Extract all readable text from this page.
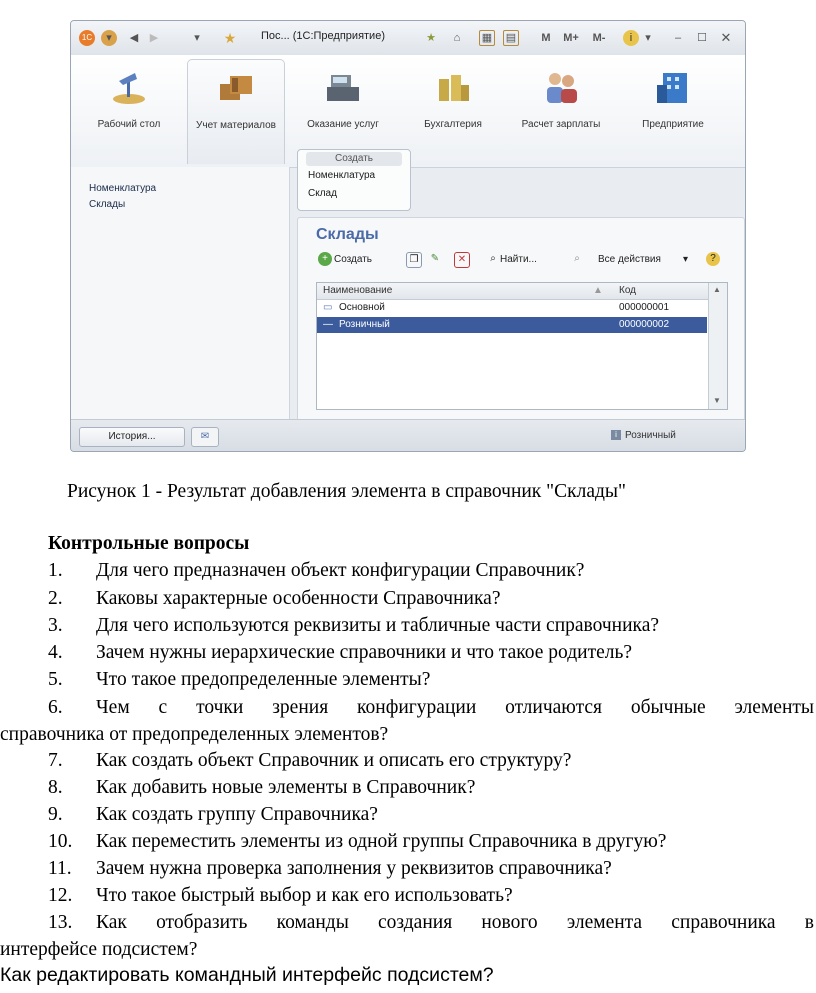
1C	▾	◀ ▶	▾ ★ Пос... (1С:Предприятие)	★	⌂	▦ ▤ M M+	M-	i	▾	–	☐ ✕
Рабочий стол	Учет материалов	Оказание услуг	Бухгалтерия	Расчет зарплаты	Предприятие
Номенклатура
Склады
Создать
Номенклатура
Склад
Склады
+ Создать	❐	✎	✕	⌕ Найти...	⌕	Все действия ▾	?
Наименование	▲ Код
▭ Основной	000000001
— Розничный	000000002
▲
▼
История...	✉	i Розничный
Рисунок 1 - Результат добавления элемента в справочник "Склады"
Контрольные вопросы
1. Для чего предназначен объект конфигурации Справочник?
2. Каковы характерные особенности Справочника?
3. Для чего используются реквизиты и табличные части справочника?
4. Зачем нужны иерархические справочники и что такое родитель?
5. Что такое предопределенные элементы?
6. Чем с точки зрения конфигурации отличаются обычные элементы
справочника от предопределенных элементов?
7. Как создать объект Справочник и описать его структуру?
8. Как добавить новые элементы в Справочник?
9. Как создать группу Справочника?
10. Как переместить элементы из одной группы Справочника в другую?
11. Зачем нужна проверка заполнения у реквизитов справочника?
12. Что такое быстрый выбор и как его использовать?
13. Как отобразить команды создания нового элемента справочника в
интерфейсе подсистем?
Как редактировать командный интерфейс подсистем?
